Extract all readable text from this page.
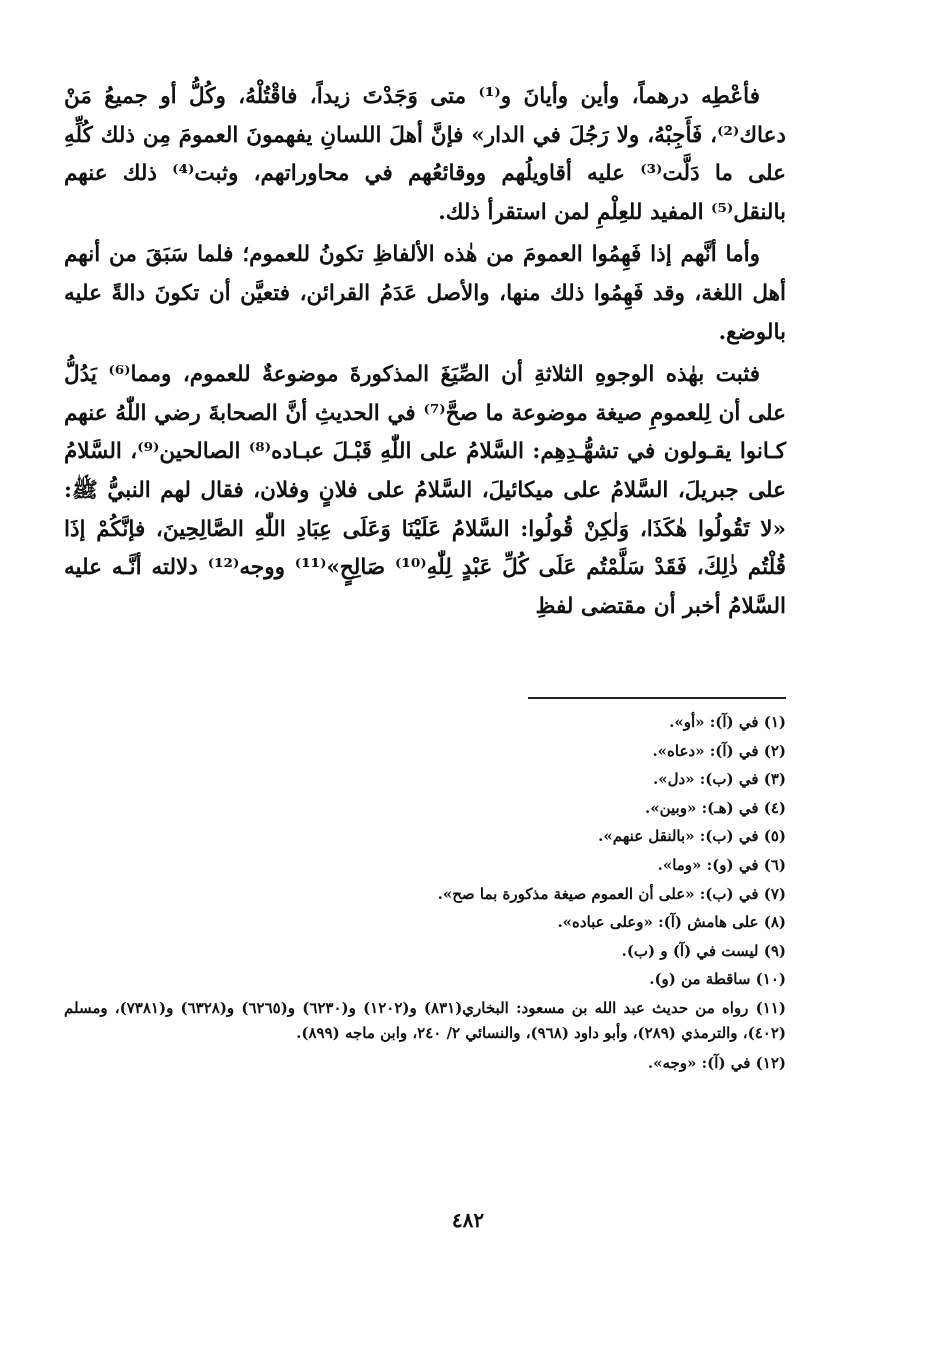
فأعْطِه درهماً، وأين وأيانَ و⁽¹⁾ متى وَجَدْتَ زيداً، فاقْتُلْهُ، وكُلُّ أو جميعُ مَنْ دعاك⁽²⁾، فَأَجِبْهُ، ولا رَجُلَ في الدار» فإنَّ أهلَ اللسانِ يفهمونَ العمومَ مِن ذلك كُلِّهِ على ما دَلَّت⁽³⁾ عليه أقاويلُهم ووقائعُهم في محاوراتهم، وثبت⁽⁴⁾ ذلك عنهم بالنقل⁽⁵⁾ المفيد للعِلْمِ لمن استقرأ ذلك.

وأما أنَّهم إذا فَهِمُوا العمومَ من هٰذه الألفاظِ تكونُ للعموم؛ فلما سَبَقَ من أنهم أهل اللغة، وقد فَهِمُوا ذلك منها، والأصل عَدَمُ القرائن، فتعيَّن أن تكونَ دالةً عليه بالوضع.

فثبت بهٰذه الوجوهِ الثلاثةِ أن الصِّيَغَ المذكورةَ موضوعةٌ للعموم، ومما⁽⁶⁾ يَدُلُّ على أن لِلعمومِ صيغة موضوعة ما صحَّ⁽⁷⁾ في الحديثِ أنَّ الصحابةَ رضي اللّٰهُ عنهم كـانوا يقـولون في تشهُّـدِهِم: السَّلامُ على اللّٰهِ قَبْـلَ عبـاده⁽⁸⁾ الصالحين⁽⁹⁾، السَّلامُ على جبريلَ، السَّلامُ على ميكائيلَ، السَّلامُ على فلانٍ وفلان، فقال لهم النبيُّ ﷺ: «لا تَقُولُوا هٰكَذَا، وَلٰكِنْ قُولُوا: السَّلامُ عَلَيْنَا وَعَلَى عِبَادِ اللّٰهِ الصَّالِحِينَ، فإنَّكُمْ إذَا قُلْتُم ذٰلِكَ، فَقَدْ سَلَّمْتُم عَلَى كُلِّ عَبْدٍ لِلّٰهِ⁽¹⁰⁾ صَالِحٍ»⁽¹¹⁾ ووجه⁽¹²⁾ دلالته أنَّـه عليه السَّلامُ أخبر أن مقتضى لفظِ

(١) في (آ): «أو».

(٢) في (آ): «دعاه».

(٣) في (ب): «دل».

(٤) في (هـ): «وبين».

(٥) في (ب): «بالنقل عنهم».

(٦) في (و): «وما».

(٧) في (ب): «على أن العموم صيغة مذكورة بما صح».

(٨) على هامش (آ): «وعلى عباده».

(٩) ليست في (آ) و (ب).

(١٠) ساقطة من (و).

(١١) رواه من حديث عبد الله بن مسعود: البخاري(٨٣١) و(١٢٠٢) و(٦٢٣٠) و(٦٢٦٥) و(٦٣٢٨) و(٧٣٨١)، ومسلم (٤٠٢)، والترمذي (٢٨٩)، وأبو داود (٩٦٨)، والنسائي ٢/ ٢٤٠، وابن ماجه (٨٩٩).

(١٢) في (آ): «وجه».

٤٨٢
